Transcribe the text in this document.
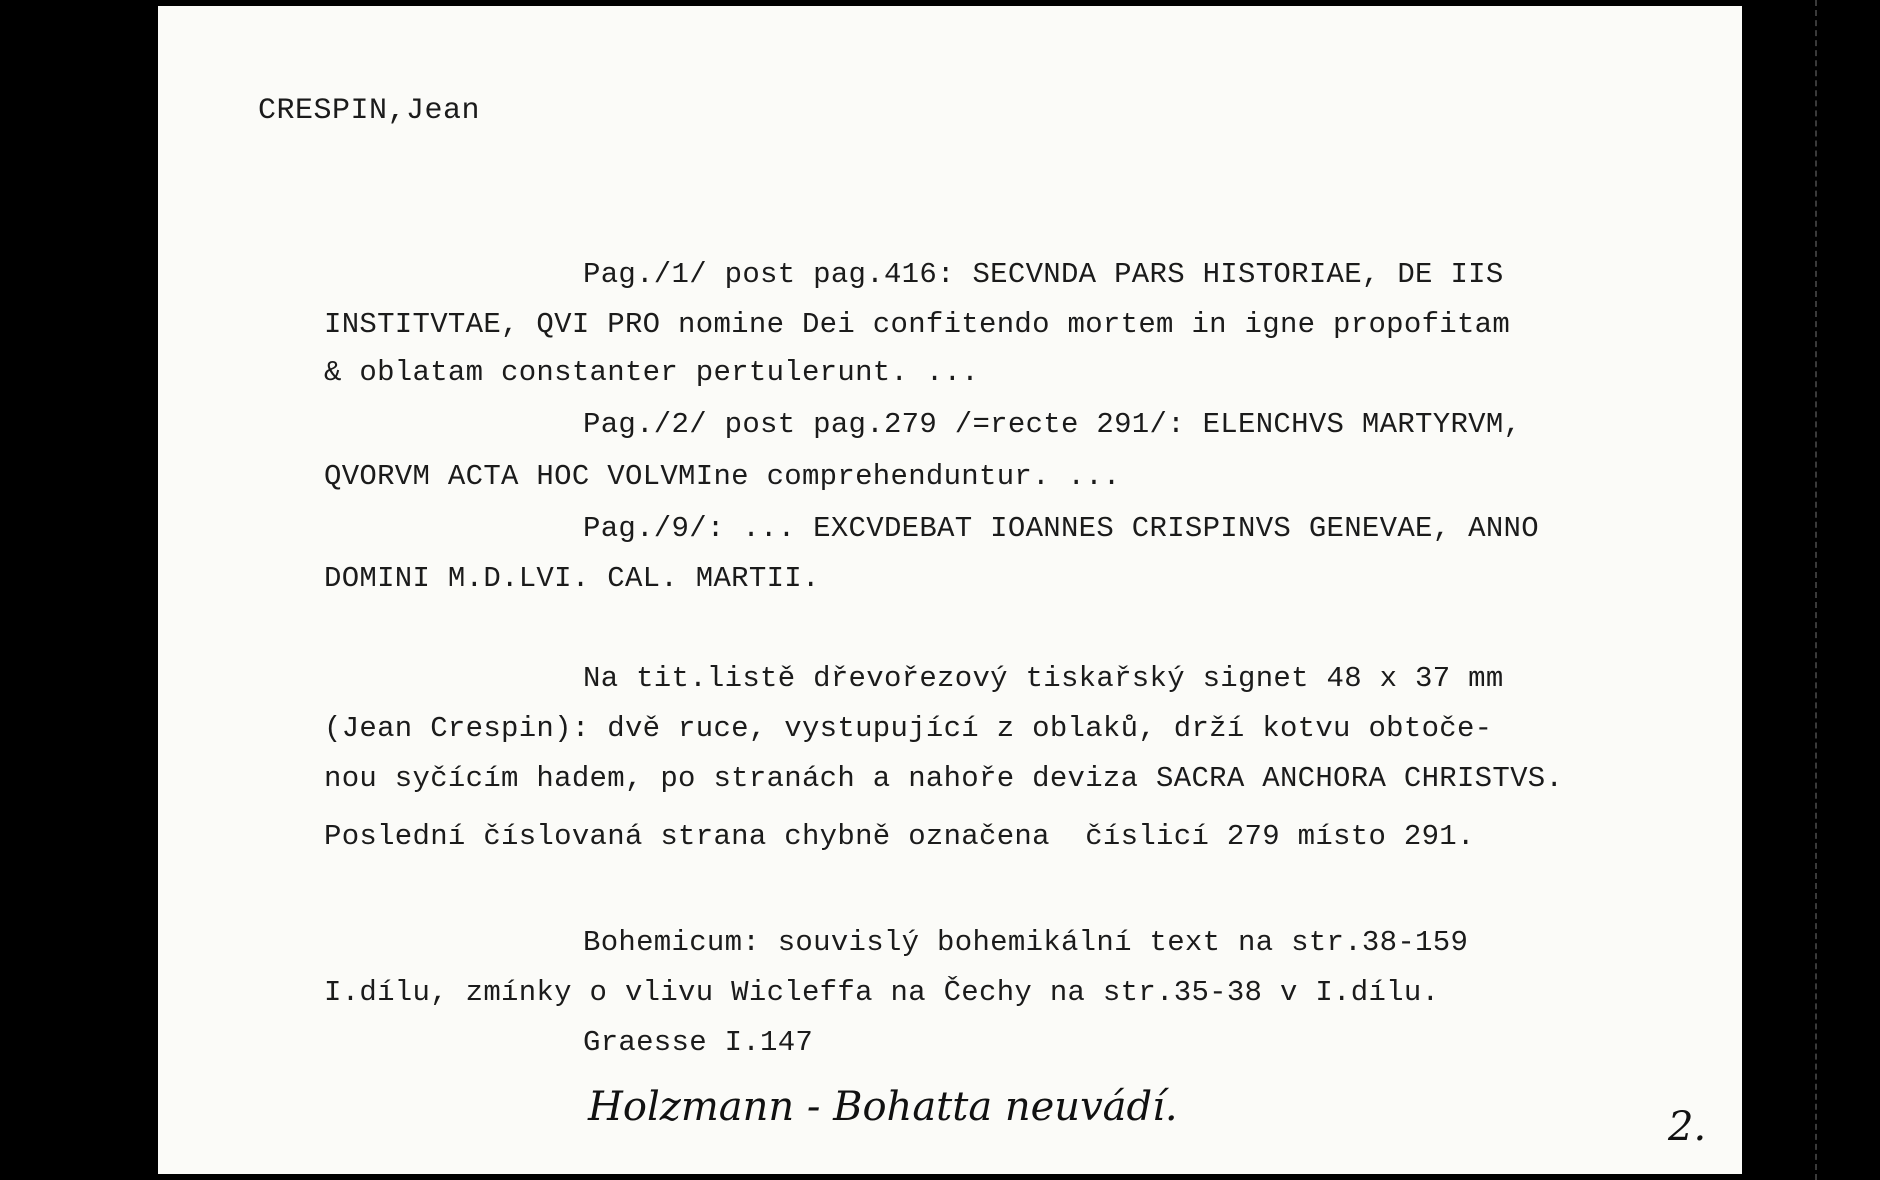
CRESPIN,Jean
Pag./1/ post pag.416: SECVNDA PARS HISTORIAE, DE IIS
INSTITVTAE, QVI PRO nomine Dei confitendo mortem in igne propofitam
& oblatam constanter pertulerunt. ...
Pag./2/ post pag.279 /=recte 291/: ELENCHVS MARTYRVM,
QVORVM ACTA HOC VOLVMIne comprehenduntur. ...
Pag./9/: ... EXCVDEBAT IOANNES CRISPINVS GENEVAE, ANNO
DOMINI M.D.LVI. CAL. MARTII.
Na tit.listě dřevořezový tiskařský signet 48 x 37 mm
(Jean Crespin): dvě ruce, vystupující z oblaků, drží kotvu obtoče-
nou syčícím hadem, po stranách a nahoře deviza SACRA ANCHORA CHRISTVS.
Poslední číslovaná strana chybně označena  číslicí 279 místo 291.
Bohemicum: souvislý bohemikální text na str.38-159
I.dílu, zmínky o vlivu Wicleffa na Čechy na str.35-38 v I.dílu.
Graesse I.147
Holzmann - Bohatta neuvádí.	2.
